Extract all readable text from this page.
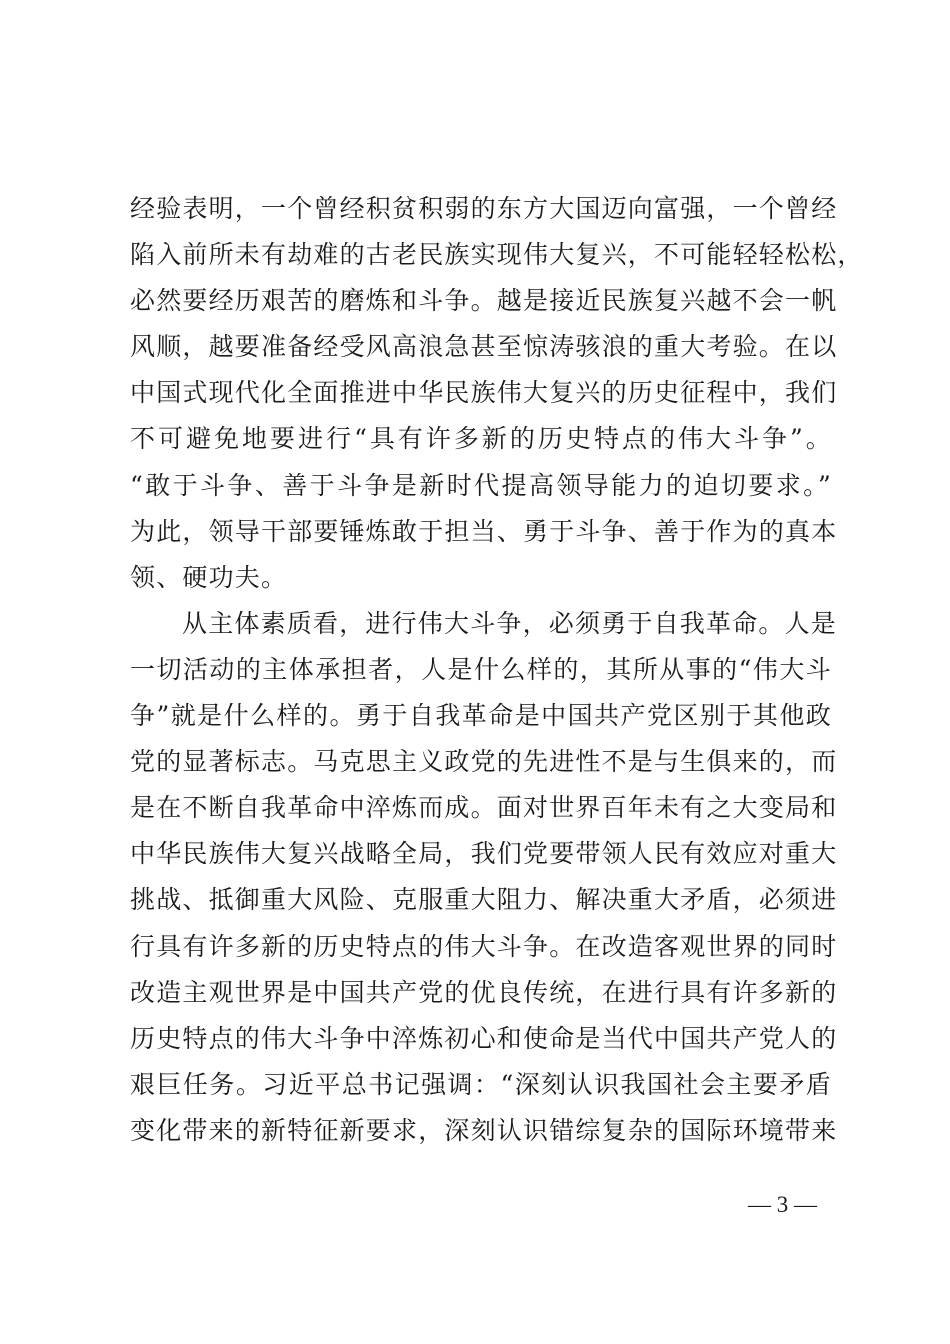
经验表明，一个曾经积贫积弱的东方大国迈向富强，一个曾经
陷入前所未有劫难的古老民族实现伟大复兴，不可能轻轻松松，
必然要经历艰苦的磨炼和斗争。越是接近民族复兴越不会一帆
风顺，越要准备经受风高浪急甚至惊涛骇浪的重大考验。在以
中国式现代化全面推进中华民族伟大复兴的历史征程中，我们
不可避免地要进行“具有许多新的历史特点的伟大斗争”。
“敢于斗争、善于斗争是新时代提高领导能力的迫切要求。”
为此，领导干部要锤炼敢于担当、勇于斗争、善于作为的真本
领、硬功夫。
从主体素质看，进行伟大斗争，必须勇于自我革命。人是
一切活动的主体承担者，人是什么样的，其所从事的“伟大斗
争”就是什么样的。勇于自我革命是中国共产党区别于其他政
党的显著标志。马克思主义政党的先进性不是与生俱来的，而
是在不断自我革命中淬炼而成。面对世界百年未有之大变局和
中华民族伟大复兴战略全局，我们党要带领人民有效应对重大
挑战、抵御重大风险、克服重大阻力、解决重大矛盾，必须进
行具有许多新的历史特点的伟大斗争。在改造客观世界的同时
改造主观世界是中国共产党的优良传统，在进行具有许多新的
历史特点的伟大斗争中淬炼初心和使命是当代中国共产党人的
艰巨任务。习近平总书记强调：“深刻认识我国社会主要矛盾
变化带来的新特征新要求，深刻认识错综复杂的国际环境带来
— 3 —
